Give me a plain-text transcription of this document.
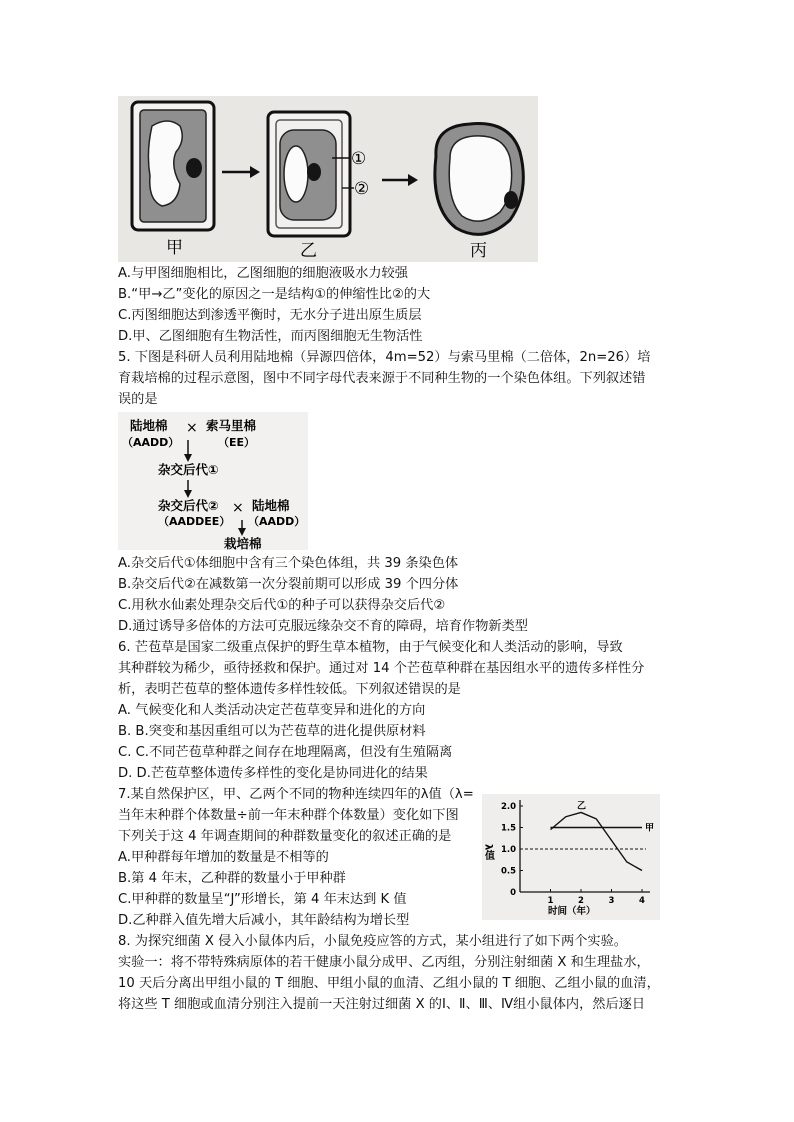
①
②
甲	乙	丙
A.与甲图细胞相比，乙图细胞的细胞液吸水力较强
B.“甲→乙”变化的原因之一是结构①的伸缩性比②的大
C.丙图细胞达到渗透平衡时，无水分子进出原生质层
D.甲、乙图细胞有生物活性，而丙图细胞无生物活性
5. 下图是科研人员利用陆地棉（异源四倍体，4m=52）与索马里棉（二倍体，2n=26）培
育栽培棉的过程示意图，图中不同字母代表来源于不同种生物的一个染色体组。下列叙述错
误的是
陆地棉
（AADD）
× 索马里棉
（EE）
杂交后代①
杂交后代②
（AADDEE）
× 陆地棉
（AADD）
栽培棉
A.杂交后代①体细胞中含有三个染色体组，共 39 条染色体
B.杂交后代②在减数第一次分裂前期可以形成 39 个四分体
C.用秋水仙素处理杂交后代①的种子可以获得杂交后代②
D.通过诱导多倍体的方法可克服远缘杂交不育的障碍，培育作物新类型
6. 芒苞草是国家二级重点保护的野生草本植物，由于气候变化和人类活动的影响，导致
其种群较为稀少，亟待拯救和保护。通过对 14 个芒苞草种群在基因组水平的遗传多样性分
析，表明芒苞草的整体遗传多样性较低。下列叙述错误的是
A. 气候变化和人类活动决定芒苞草变异和进化的方向
B. B.突变和基因重组可以为芒苞草的进化提供原材料
C. C.不同芒苞草种群之间存在地理隔离，但没有生殖隔离
D. D.芒苞草整体遗传多样性的变化是协同进化的结果
7.某自然保护区，甲、乙两个不同的物种连续四年的λ值（λ=
当年末种群个体数量÷前一年末种群个体数量）变化如下图
下列关于这 4 年调查期间的种群数量变化的叙述正确的是
A.甲种群每年增加的数量是不相等的
B.第 4 年末，乙种群的数量小于甲种群
C.甲种群的数量呈“J”形增长，第 4 年末达到 K 值
D.乙种群入值先增大后减小，其年龄结构为增长型
0.5
1.0
1.5
2.0
0
1	2	3	4
甲
乙
λ值
时间（年）
8. 为探究细菌 X 侵入小鼠体内后，小鼠免疫应答的方式，某小组进行了如下两个实验。
实验一：将不带特殊病原体的若干健康小鼠分成甲、乙丙组，分别注射细菌 X 和生理盐水，
10 天后分离出甲组小鼠的 T 细胞、甲组小鼠的血清、乙组小鼠的 T 细胞、乙组小鼠的血清，
将这些 T 细胞或血清分别注入提前一天注射过细菌 X 的Ⅰ、Ⅱ、Ⅲ、Ⅳ组小鼠体内，然后逐日
